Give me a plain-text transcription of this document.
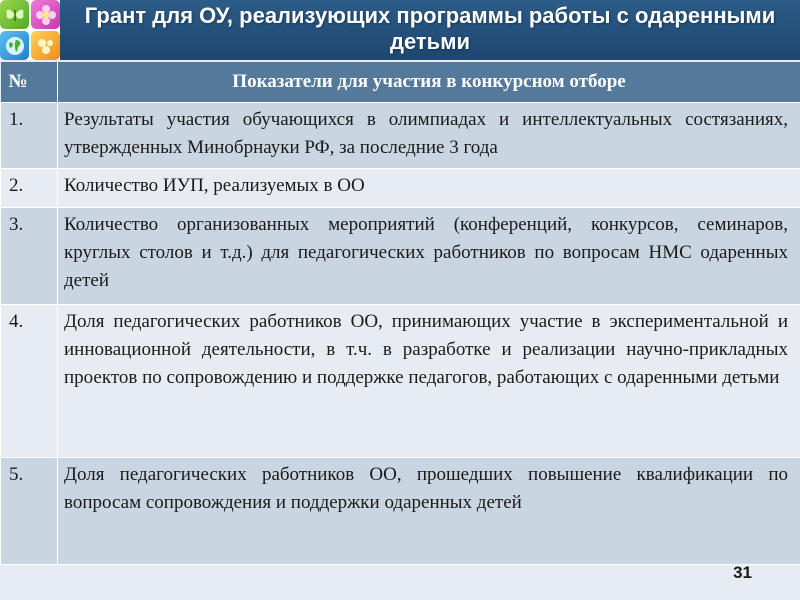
Грант для ОУ, реализующих программы работы с одаренными детьми
№	Показатели для участия в конкурсном отборе
1.	Результаты участия обучающихся в олимпиадах и интеллектуальных состязаниях, утвержденных Минобрнауки РФ, за последние 3 года
2.	Количество ИУП, реализуемых в ОО
3.	Количество организованных мероприятий (конференций, конкурсов, семинаров, круглых столов и т.д.) для педагогических работников по вопросам НМС одаренных детей
4.	Доля педагогических работников ОО, принимающих участие в экспериментальной и инновационной деятельности, в т.ч. в разработке и реализации научно-прикладных проектов по сопровождению и поддержке педагогов, работающих с одаренными детьми
5.	Доля педагогических работников ОО, прошедших повышение квалификации по вопросам сопровождения и поддержки одаренных детей
31
